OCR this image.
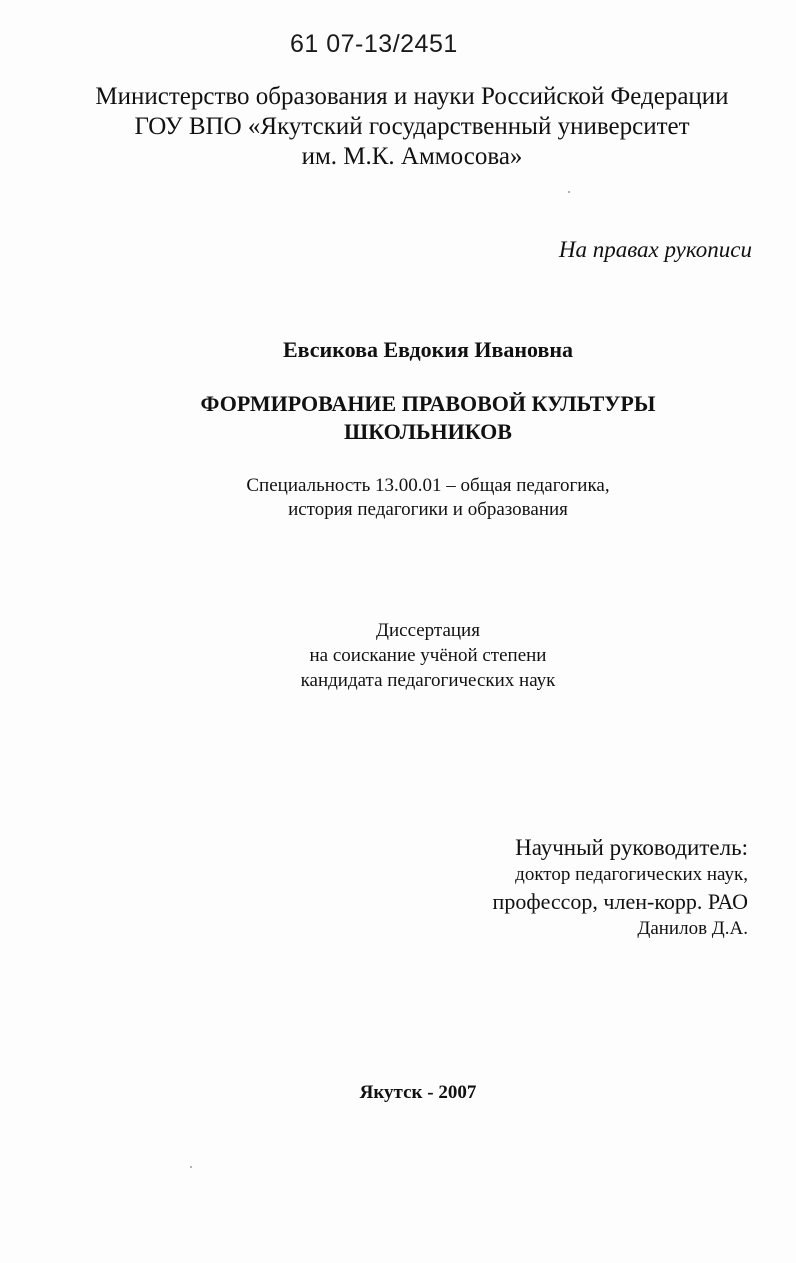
61 07-13/2451
Министерство образования и науки Российской Федерации
ГОУ ВПО «Якутский государственный университет
им. М.К. Аммосова»
На правах рукописи
Евсикова Евдокия Ивановна
ФОРМИРОВАНИЕ ПРАВОВОЙ КУЛЬТУРЫ
ШКОЛЬНИКОВ
Специальность 13.00.01 – общая педагогика,
история педагогики и образования
Диссертация
на соискание учёной степени
кандидата педагогических наук
Научный руководитель:
доктор педагогических наук,
профессор, член-корр. РАО
Данилов Д.А.
Якутск - 2007
